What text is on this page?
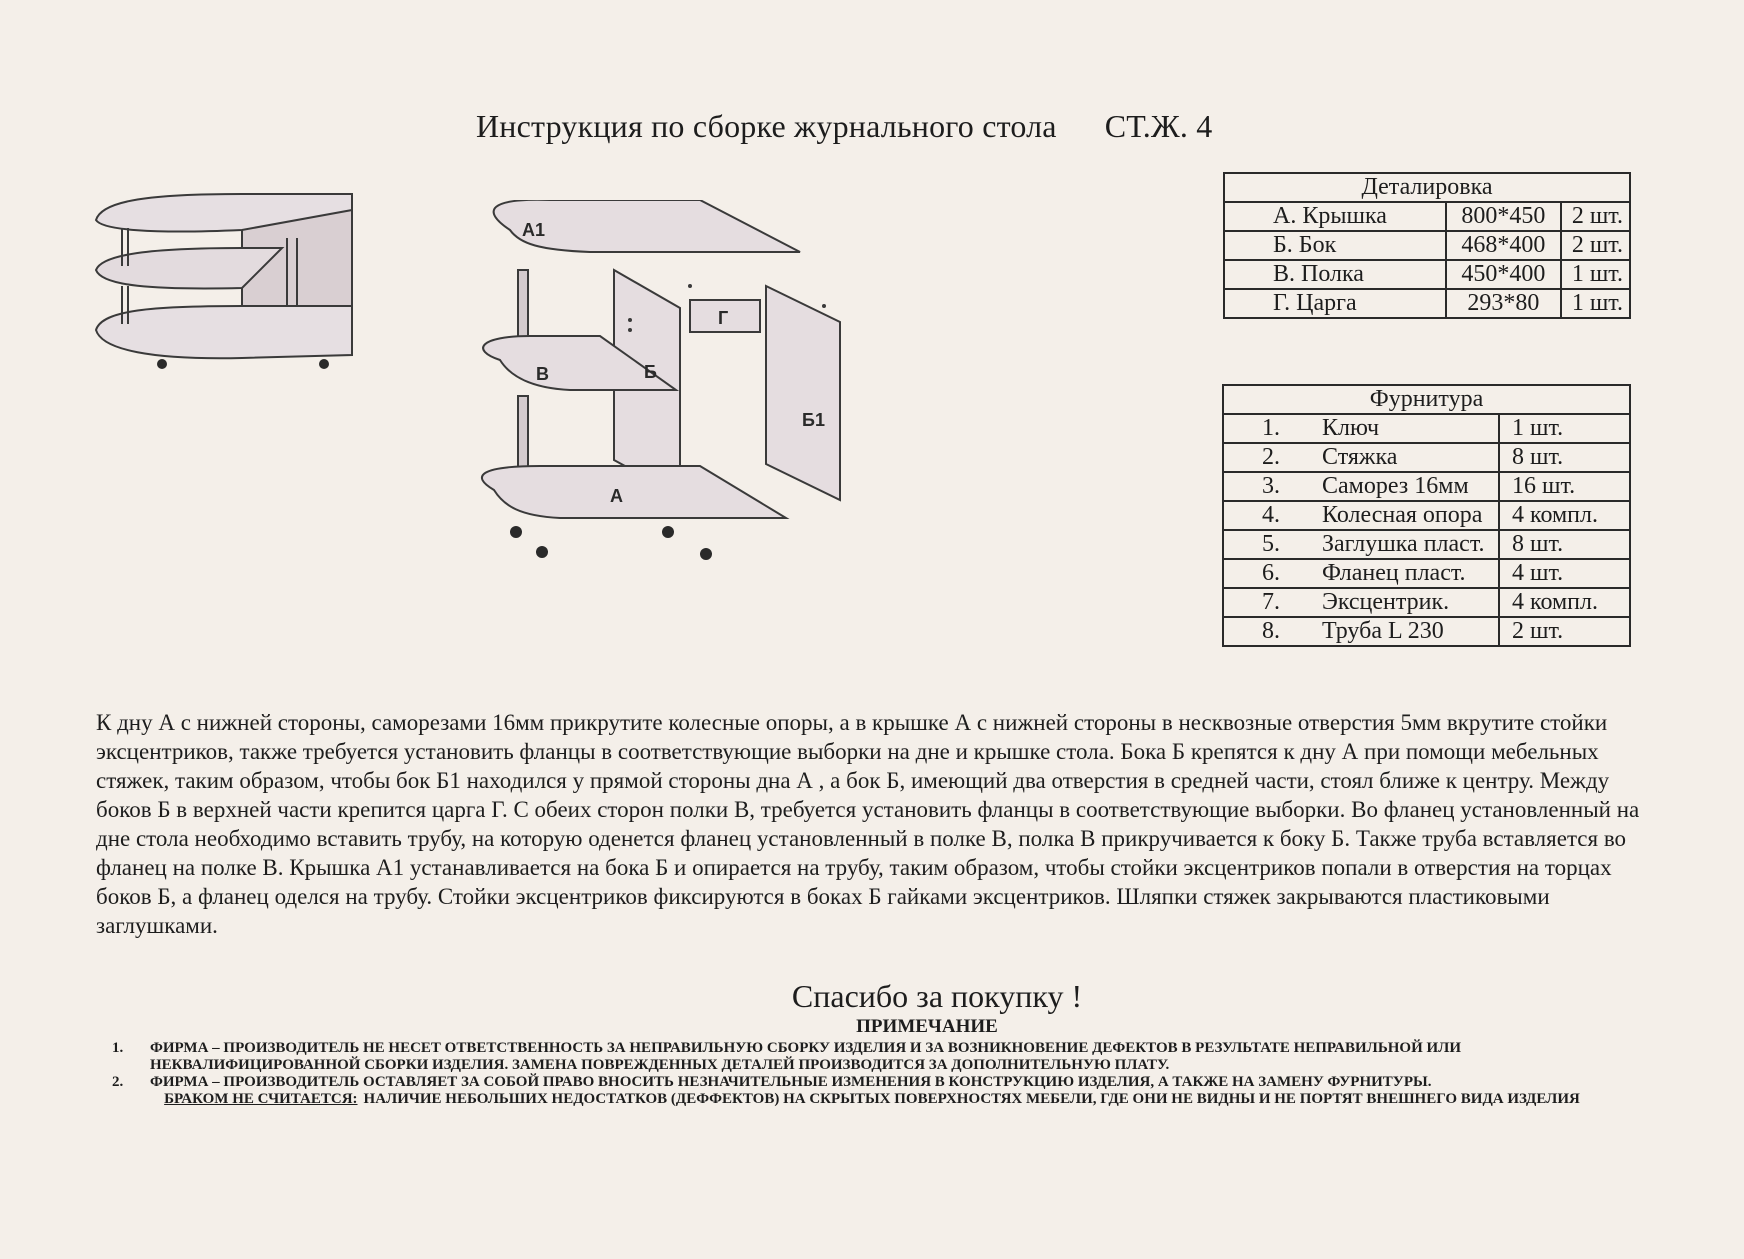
Инструкция по сборке журнального стола СТ.Ж. 4
А1
В	Б
Б1
Г
А
Деталировка		
А. Крышка	800*450	2 шт.
Б. Бок	468*400	2 шт.
В. Полка	450*400	1 шт.
Г. Царга	293*80	1 шт.
Фурнитура	
1. Ключ	1 шт.
2. Стяжка	8 шт.
3. Саморез 16мм	16 шт.
4. Колесная опора	4 компл.
5. Заглушка пласт.	8 шт.
6. Фланец пласт.	4 шт.
7. Эксцентрик.	4 компл.
8. Труба L 230	2 шт.

К дну А с нижней стороны, саморезами 16мм прикрутите колесные опоры, а в крышке А с нижней стороны в несквозные отверстия 5мм вкрутите стойки эксцентриков, также требуется установить фланцы в соответствующие выборки на дне и крышке стола. Бока Б крепятся к дну А при помощи мебельных стяжек, таким образом, чтобы бок Б1 находился у прямой стороны дна А , а бок Б, имеющий два отверстия в средней части, стоял ближе к центру. Между боков Б в верхней части крепится царга Г. С обеих сторон полки В, требуется установить фланцы в соответствующие выборки. Во фланец установленный на дне стола необходимо вставить трубу, на которую оденется фланец установленный в полке В, полка В прикручивается к боку Б. Также труба вставляется во фланец на полке В. Крышка А1 устанавливается на бока Б и опирается на трубу, таким образом, чтобы стойки эксцентриков попали в отверстия на торцах боков Б, а фланец оделся на трубу. Стойки эксцентриков фиксируются в боках Б гайками эксцентриков. Шляпки стяжек закрываются пластиковыми заглушками.

Спасибо за покупку !
ПРИМЕЧАНИЕ
1. ФИРМА – ПРОИЗВОДИТЕЛЬ НЕ НЕСЕТ ОТВЕТСТВЕННОСТЬ ЗА НЕПРАВИЛЬНУЮ СБОРКУ ИЗДЕЛИЯ И ЗА ВОЗНИКНОВЕНИЕ ДЕФЕКТОВ В РЕЗУЛЬТАТЕ НЕПРАВИЛЬНОЙ ИЛИ НЕКВАЛИФИЦИРОВАННОЙ СБОРКИ ИЗДЕЛИЯ. ЗАМЕНА ПОВРЕЖДЕННЫХ ДЕТАЛЕЙ ПРОИЗВОДИТСЯ ЗА ДОПОЛНИТЕЛЬНУЮ ПЛАТУ.
2. ФИРМА – ПРОИЗВОДИТЕЛЬ ОСТАВЛЯЕТ ЗА СОБОЙ ПРАВО ВНОСИТЬ НЕЗНАЧИТЕЛЬНЫЕ ИЗМЕНЕНИЯ В КОНСТРУКЦИЮ ИЗДЕЛИЯ, А ТАКЖЕ НА ЗАМЕНУ ФУРНИТУРЫ.
БРАКОМ НЕ СЧИТАЕТСЯ: НАЛИЧИЕ НЕБОЛЬШИХ НЕДОСТАТКОВ (ДЕФФЕКТОВ) НА СКРЫТЫХ ПОВЕРХНОСТЯХ МЕБЕЛИ, ГДЕ ОНИ НЕ ВИДНЫ И НЕ ПОРТЯТ ВНЕШНЕГО ВИДА ИЗДЕЛИЯ
